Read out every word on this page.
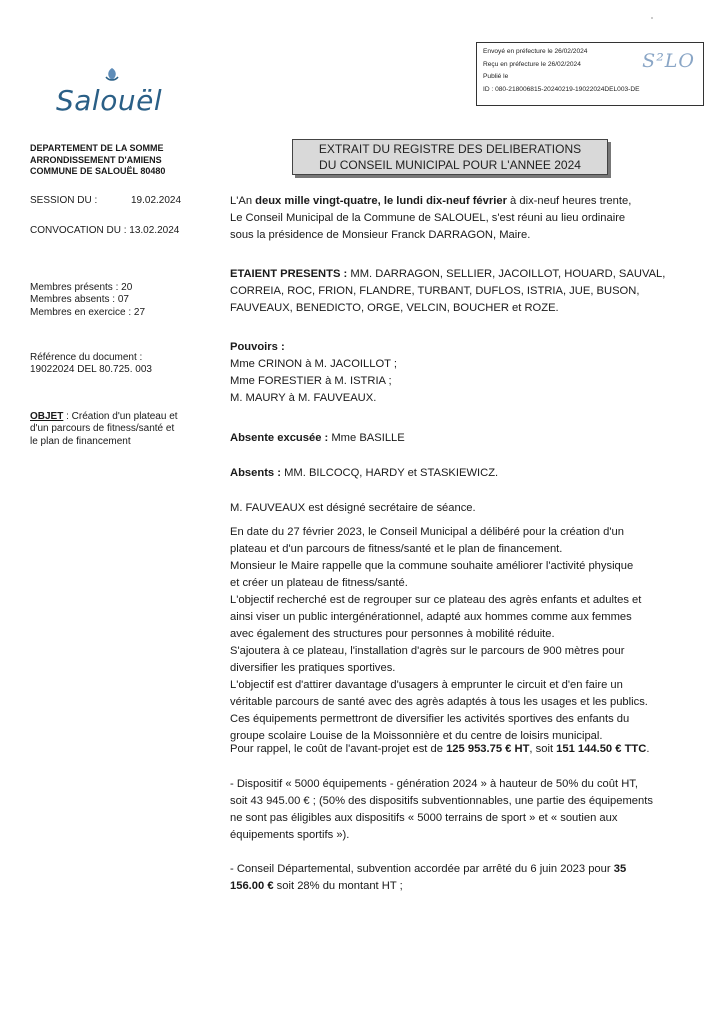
Envoyé en préfecture le 26/02/2024
Reçu en préfecture le 26/02/2024
Publié le
ID : 080-218006815-20240219-19022024DEL003-DE
S²LO
Salouël
DEPARTEMENT DE LA SOMME
ARRONDISSEMENT D'AMIENS
COMMUNE DE SALOUËL 80480
EXTRAIT DU REGISTRE DES DELIBERATIONS
DU CONSEIL MUNICIPAL POUR L'ANNEE 2024
SESSION DU :	19.02.2024
CONVOCATION DU : 13.02.2024
Membres présents : 20
Membres absents : 07
Membres en exercice : 27
Référence du document :
19022024 DEL 80.725. 003
OBJET : Création d'un plateau et
d'un parcours de fitness/santé et
le plan de financement

L'An deux mille vingt-quatre, le lundi dix-neuf février à dix-neuf heures trente,

Le Conseil Municipal de la Commune de SALOUEL, s'est réuni au lieu ordinaire

sous la présidence de Monsieur Franck DARRAGON, Maire.

ETAIENT PRESENTS : MM. DARRAGON, SELLIER, JACOILLOT, HOUARD, SAUVAL,

CORREIA, ROC, FRION, FLANDRE, TURBANT, DUFLOS, ISTRIA, JUE, BUSON,

FAUVEAUX, BENEDICTO, ORGE, VELCIN, BOUCHER et ROZE.

Pouvoirs :

Mme CRINON à M. JACOILLOT ;

Mme FORESTIER à M. ISTRIA ;

M. MAURY à M. FAUVEAUX.

Absente excusée : Mme BASILLE
Absents : MM. BILCOCQ, HARDY et STASKIEWICZ.
M. FAUVEAUX est désigné secrétaire de séance.

En date du 27 février 2023, le Conseil Municipal a délibéré pour la création d'un

plateau et d'un parcours de fitness/santé et le plan de financement.

Monsieur le Maire rappelle que la commune souhaite améliorer l'activité physique

et créer un plateau de fitness/santé.

L'objectif recherché est de regrouper sur ce plateau des agrès enfants et adultes et

ainsi viser un public intergénérationnel, adapté aux hommes comme aux femmes

avec également des structures pour personnes à mobilité réduite.

S'ajoutera à ce plateau, l'installation d'agrès sur le parcours de 900 mètres pour

diversifier les pratiques sportives.

L'objectif est d'attirer davantage d'usagers à emprunter le circuit et d'en faire un

véritable parcours de santé avec des agrès adaptés à tous les usages et les publics.

Ces équipements permettront de diversifier les activités sportives des enfants du

groupe scolaire Louise de la Moissonnière et du centre de loisirs municipal.

Pour rappel, le coût de l'avant-projet est de 125 953.75 € HT, soit 151 144.50 € TTC.

- Dispositif « 5000 équipements - génération 2024 » à hauteur de 50% du coût HT,

soit 43 945.00 € ; (50% des dispositifs subventionnables, une partie des équipements

ne sont pas éligibles aux dispositifs « 5000 terrains de sport » et « soutien aux

équipements sportifs »).

- Conseil Départemental, subvention accordée par arrêté du 6 juin 2023 pour 35

156.00 € soit 28% du montant HT ;
